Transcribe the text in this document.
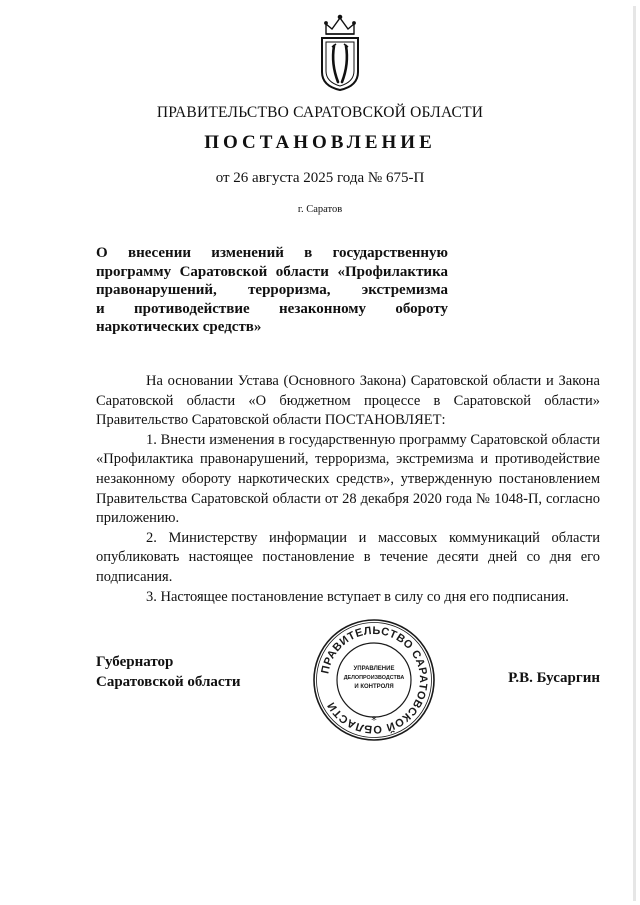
ПРАВИТЕЛЬСТВО САРАТОВСКОЙ ОБЛАСТИ
ПОСТАНОВЛЕНИЕ
от 26 августа 2025 года № 675-П
г. Саратов
О внесении изменений в государственную
программу Саратовской области «Профилактика
правонарушений, терроризма, экстремизма
и противодействие незаконному обороту
наркотических средств»

На основании Устава (Основного Закона) Саратовской области и Закона Саратовской области «О бюджетном процессе в Саратовской области» Правительство Саратовской области ПОСТАНОВЛЯЕТ:

1. Внести изменения в государственную программу Саратовской области «Профилактика правонарушений, терроризма, экстремизма и противодействие незаконному обороту наркотических средств», утвержденную постановлением Правительства Саратовской области от 28 декабря 2020 года № 1048-П, согласно приложению.

2. Министерству информации и массовых коммуникаций области опубликовать настоящее постановление в течение десяти дней со дня его подписания.

3. Настоящее постановление вступает в силу со дня его подписания.

Губернатор
Саратовской области	Р.В. Бусаргин
ПРАВИТЕЛЬСТВО САРАТОВСКОЙ ОБЛАСТИ
УПРАВЛЕНИЕ
ДЕЛОПРОИЗВОДСТВА
И КОНТРОЛЯ
*
